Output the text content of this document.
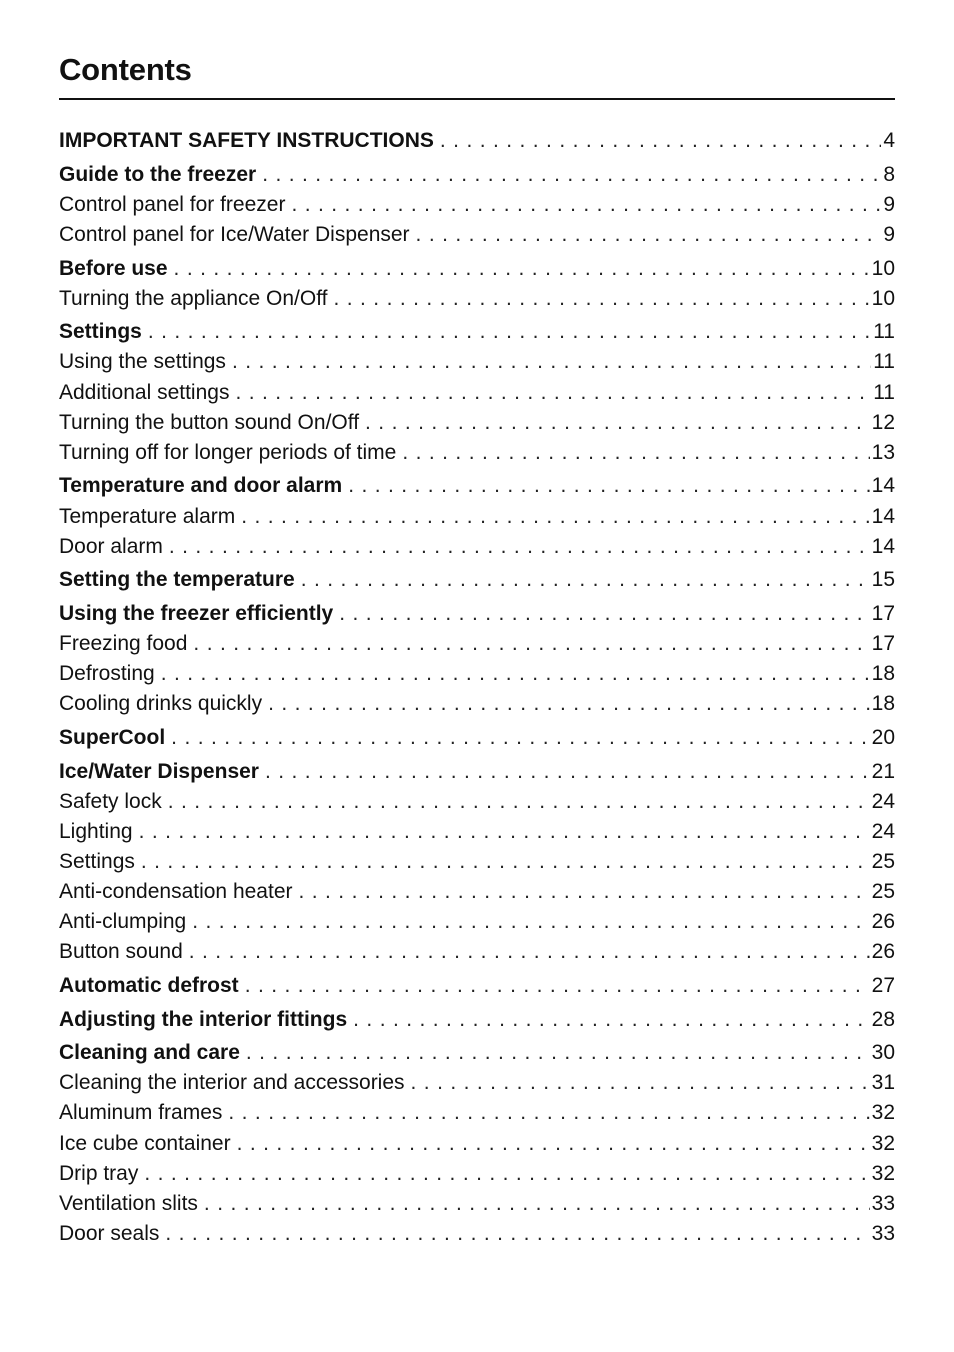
Contents
IMPORTANT SAFETY INSTRUCTIONS . . .	4
Guide to the freezer . . .	8
Control panel for freezer . . .	9
Control panel for Ice/Water Dispenser . . .	9
Before use . . .	10
Turning the appliance On/Off . . .	10
Settings . . .	11
Using the settings . . .	11
Additional settings . . .	11
Turning the button sound On/Off . . .	12
Turning off for longer periods of time . . .	13
Temperature and door alarm . . .	14
Temperature alarm . . .	14
Door alarm . . .	14
Setting the temperature . . .	15
Using the freezer efficiently . . .	17
Freezing food . . .	17
Defrosting . . .	18
Cooling drinks quickly . . .	18
SuperCool . . .	20
Ice/Water Dispenser . . .	21
Safety lock . . .	24
Lighting . . .	24
Settings . . .	25
Anti-condensation heater . . .	25
Anti-clumping . . .	26
Button sound . . .	26
Automatic defrost . . .	27
Adjusting the interior fittings . . .	28
Cleaning and care . . .	30
Cleaning the interior and accessories . . .	31
Aluminum frames . . .	32
Ice cube container . . .	32
Drip tray . . .	32
Ventilation slits . . .	33
Door seals . . .	33
